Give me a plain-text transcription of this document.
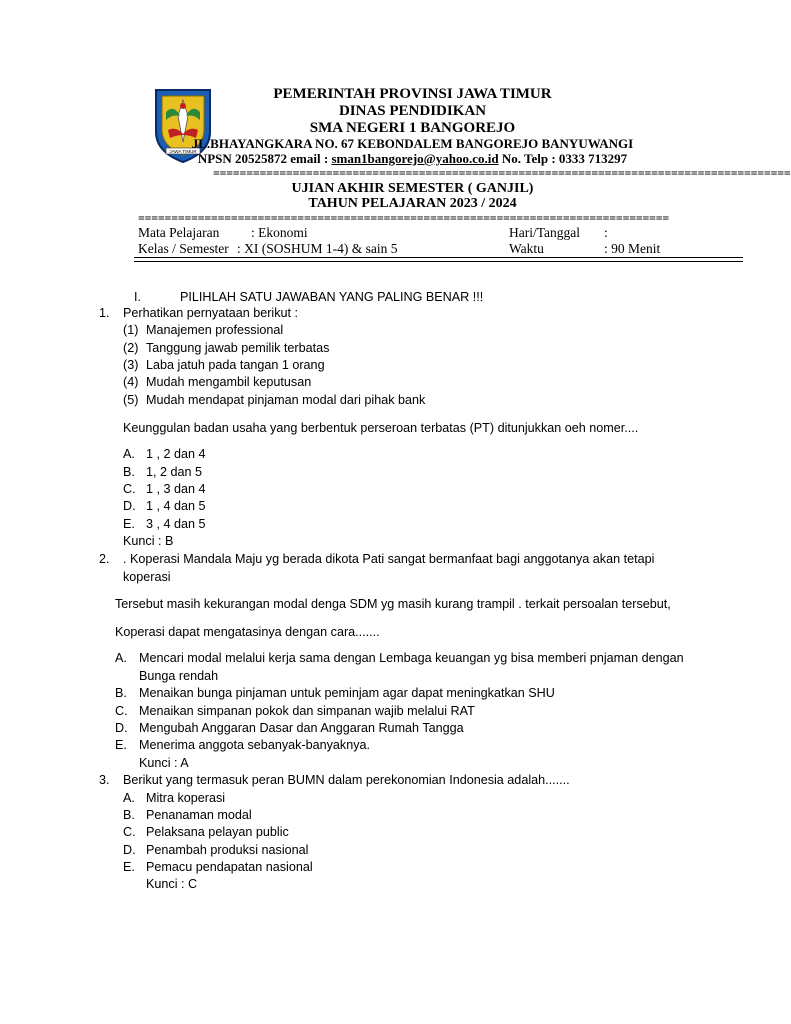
JAWA TIMUR
PEMERINTAH PROVINSI JAWA TIMUR
DINAS PENDIDIKAN
SMA NEGERI 1 BANGOREJO
JL.BHAYANGKARA NO. 67 KEBONDALEM BANGOREJO BANYUWANGI
NPSN 20525872 email : sman1bangorejo@yahoo.co.id No. Telp : 0333 713297
=======================================================================================
UJIAN AKHIR SEMESTER ( GANJIL)
TAHUN PELAJARAN 2023 / 2024
================================================================================
Mata Pelajaran : Ekonomi	Hari/Tanggal :
Kelas / Semester : XI (SOSHUM 1-4) & sain 5	Waktu	: 90 Menit
I.	PILIHLAH SATU JAWABAN YANG PALING BENAR !!!
1. Perhatikan pernyataan berikut :
(1) Manajemen professional
(2) Tanggung jawab pemilik terbatas
(3) Laba jatuh pada tangan 1 orang
(4) Mudah mengambil keputusan
(5) Mudah mendapat pinjaman modal dari pihak bank
Keunggulan badan usaha yang berbentuk perseroan terbatas (PT) ditunjukkan oeh nomer....
A. 1 , 2 dan 4
B. 1, 2 dan 5
C. 1 , 3 dan 4
D. 1 , 4 dan 5
E. 3 , 4 dan 5
Kunci : B
2. . Koperasi Mandala Maju yg berada dikota Pati sangat bermanfaat bagi anggotanya akan tetapi
koperasi
Tersebut masih kekurangan modal denga SDM yg masih kurang trampil . terkait persoalan tersebut,
Koperasi dapat mengatasinya dengan cara.......
A. Mencari modal melalui kerja sama dengan Lembaga keuangan yg bisa memberi pnjaman dengan
Bunga rendah
B. Menaikan bunga pinjaman untuk peminjam agar dapat meningkatkan SHU
C. Menaikan simpanan pokok dan simpanan wajib melalui RAT
D. Mengubah Anggaran Dasar dan Anggaran Rumah Tangga
E. Menerima anggota sebanyak-banyaknya.
Kunci : A
3. Berikut yang termasuk peran BUMN dalam perekonomian Indonesia adalah.......
A. Mitra koperasi
B. Penanaman modal
C. Pelaksana pelayan public
D. Penambah produksi nasional
E. Pemacu pendapatan nasional
Kunci : C
